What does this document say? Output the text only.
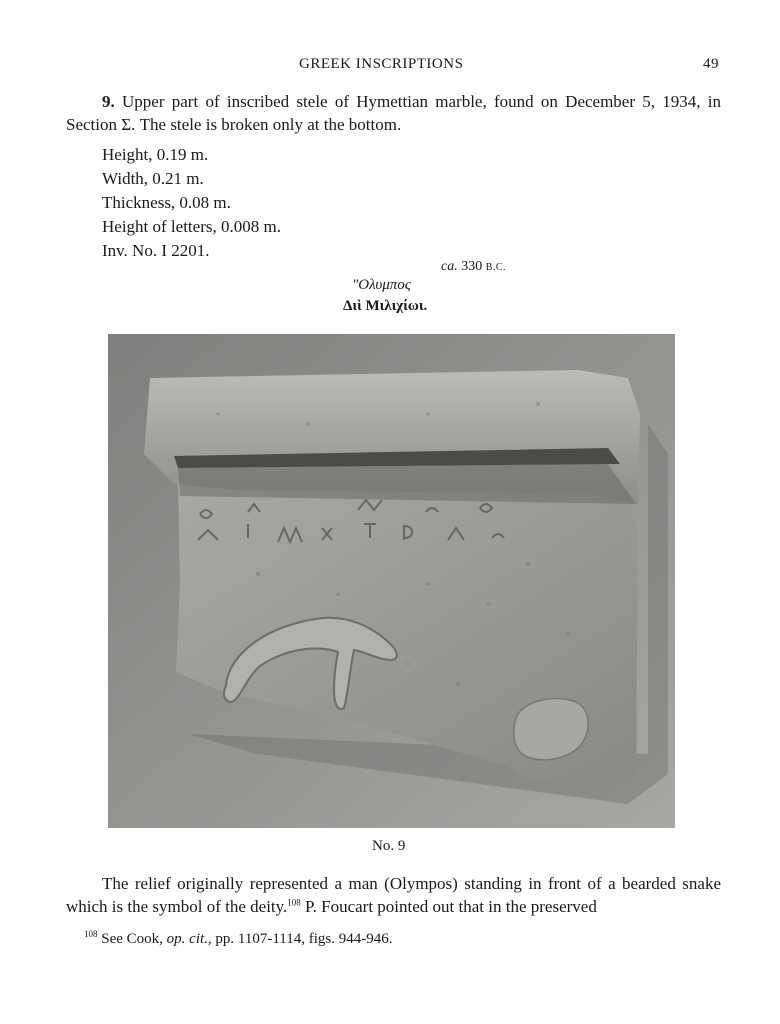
GREEK INSCRIPTIONS	49
9. Upper part of inscribed stele of Hymettian marble, found on December 5, 1934, in Section Σ. The stele is broken only at the bottom.
Height, 0.19 m.
Width, 0.21 m.
Thickness, 0.08 m.
Height of letters, 0.008 m.
Inv. No. I 2201.
ca. 330 B.C.
"Ολυμπος
Διὶ Μιλιχίωι.
No. 9
The relief originally represented a man (Olympos) standing in front of a bearded snake which is the symbol of the deity.$^{108}$ P. Foucart pointed out that in the preserved
$^{108}$ See Cook, op. cit., pp. 1107-1114, figs. 944-946.
